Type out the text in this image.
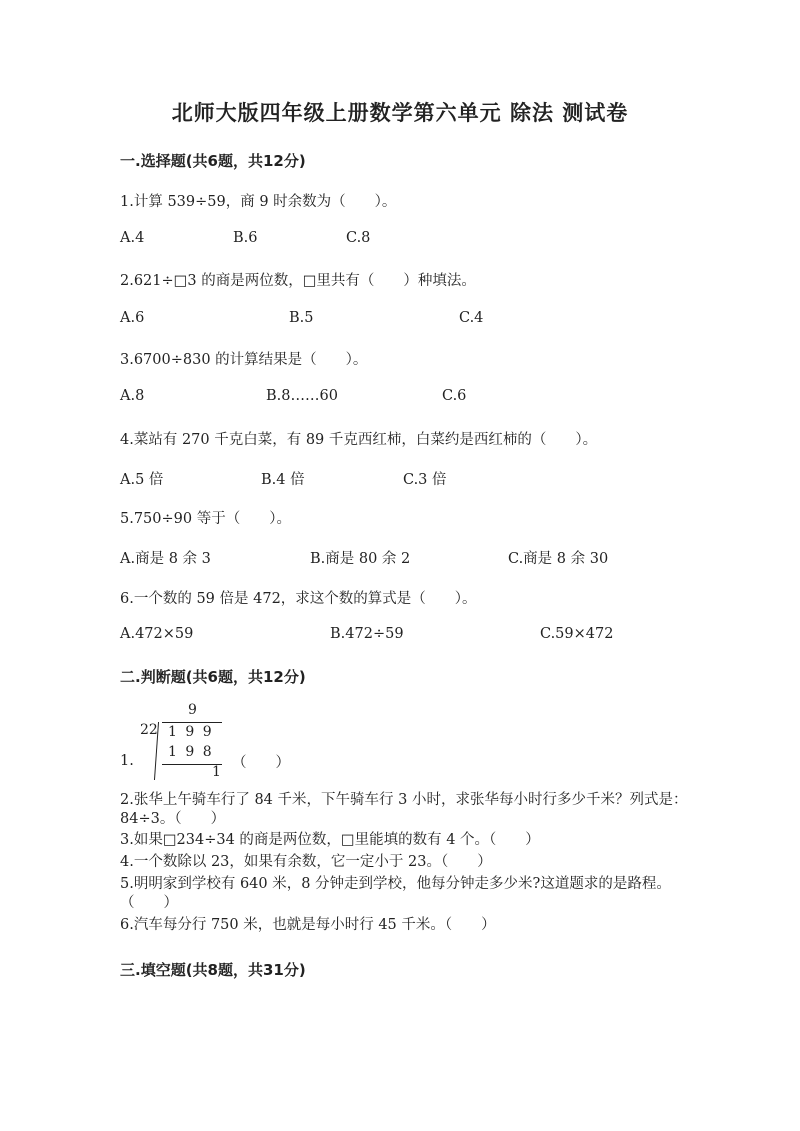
北师大版四年级上册数学第六单元 除法 测试卷
一.选择题(共6题，共12分)
1.计算 539÷59，商 9 时余数为（　　）。
A.4	B.6	C.8
2.621÷□3 的商是两位数，□里共有（　　）种填法。
A.6	B.5	C.4
3.6700÷830 的计算结果是（　　）。
A.8	B.8……60	C.6
4.菜站有 270 千克白菜，有 89 千克西红柿，白菜约是西红柿的（　　）。
A.5 倍	B.4 倍	C.3 倍
5.750÷90 等于（　　）。
A.商是 8 余 3	B.商是 80 余 2	C.商是 8 余 30
6.一个数的 59 倍是 472，求这个数的算式是（　　）。
A.472×59	B.472÷59	C.59×472
二.判断题(共6题，共12分)
9
22 1 9 9
1 9 8
1
1.	（　　）
2.张华上午骑车行了 84 千米，下午骑车行 3 小时，求张华每小时行多少千米？列式是：84÷3。（　　）
3.如果□234÷34 的商是两位数，□里能填的数有 4 个。（　　）
4.一个数除以 23，如果有余数，它一定小于 23。（　　）
5.明明家到学校有 640 米，8 分钟走到学校，他每分钟走多少米?这道题求的是路程。（　　）
6.汽车每分行 750 米，也就是每小时行 45 千米。（　　）
三.填空题(共8题，共31分)
